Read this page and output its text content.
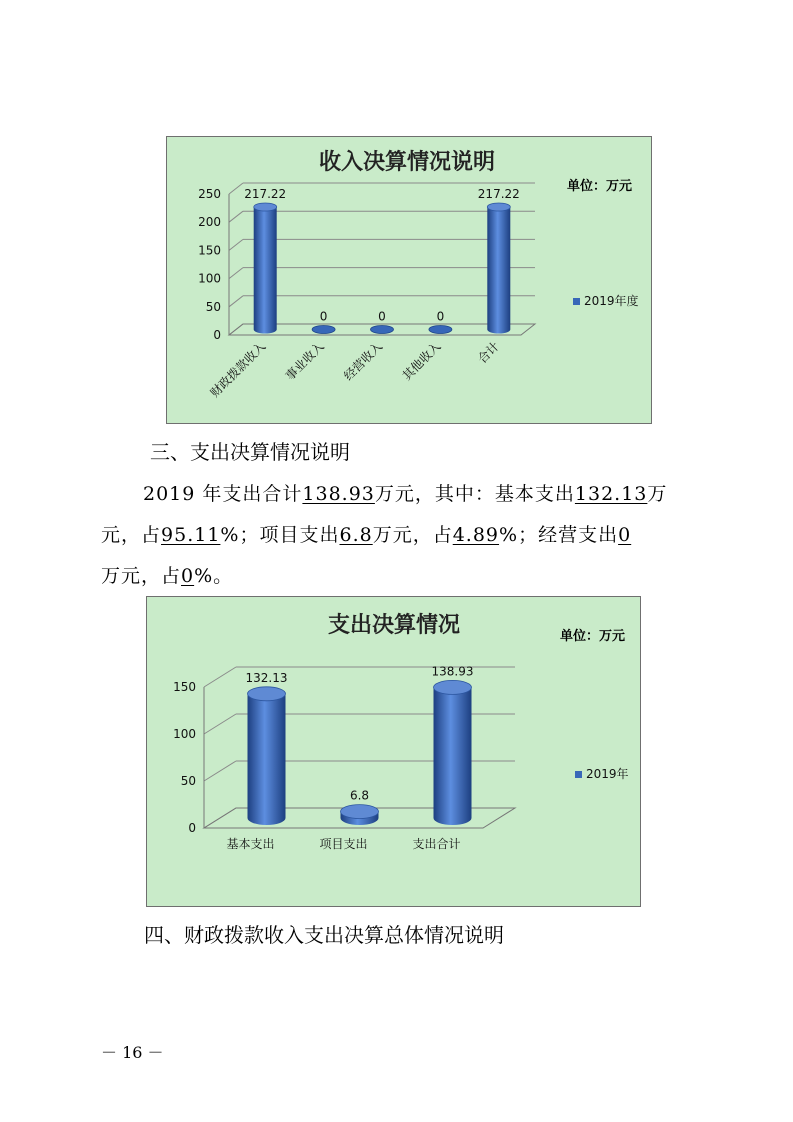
收入决算情况说明
0
50
100
150
200
250 217.22
财政拨款收入
0
事业收入
0
经营收入
0
其他收入
217.22
合计
2019年度
单位：万元
三、支出决算情况说明
2019 年支出合计138.93万元，其中：基本支出132.13万
元，占95.11%；项目支出6.8万元，占4.89%；经营支出0
万元，占0%。
支出决算情况
0
50
100
150
132.13
基本支出
6.8
项目支出
138.93
支出合计
2019年
单位：万元
四、财政拨款收入支出决算总体情况说明
－ 16 －
